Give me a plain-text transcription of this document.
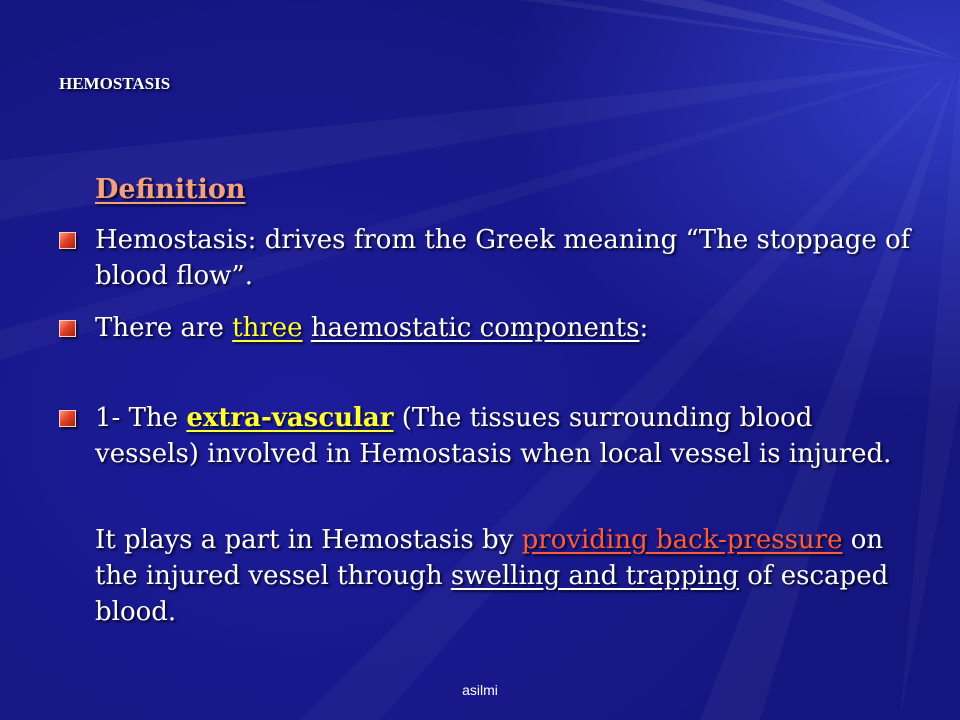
HEMOSTASIS
Definition
Hemostasis: drives from the Greek meaning “The stoppage of blood flow”.
There are three haemostatic components:
1- The extra-vascular (The tissues surrounding blood vessels) involved in Hemostasis when local vessel is injured.
It plays a part in Hemostasis by providing back-pressure on the injured vessel through swelling and trapping of escaped blood.
asilmi
